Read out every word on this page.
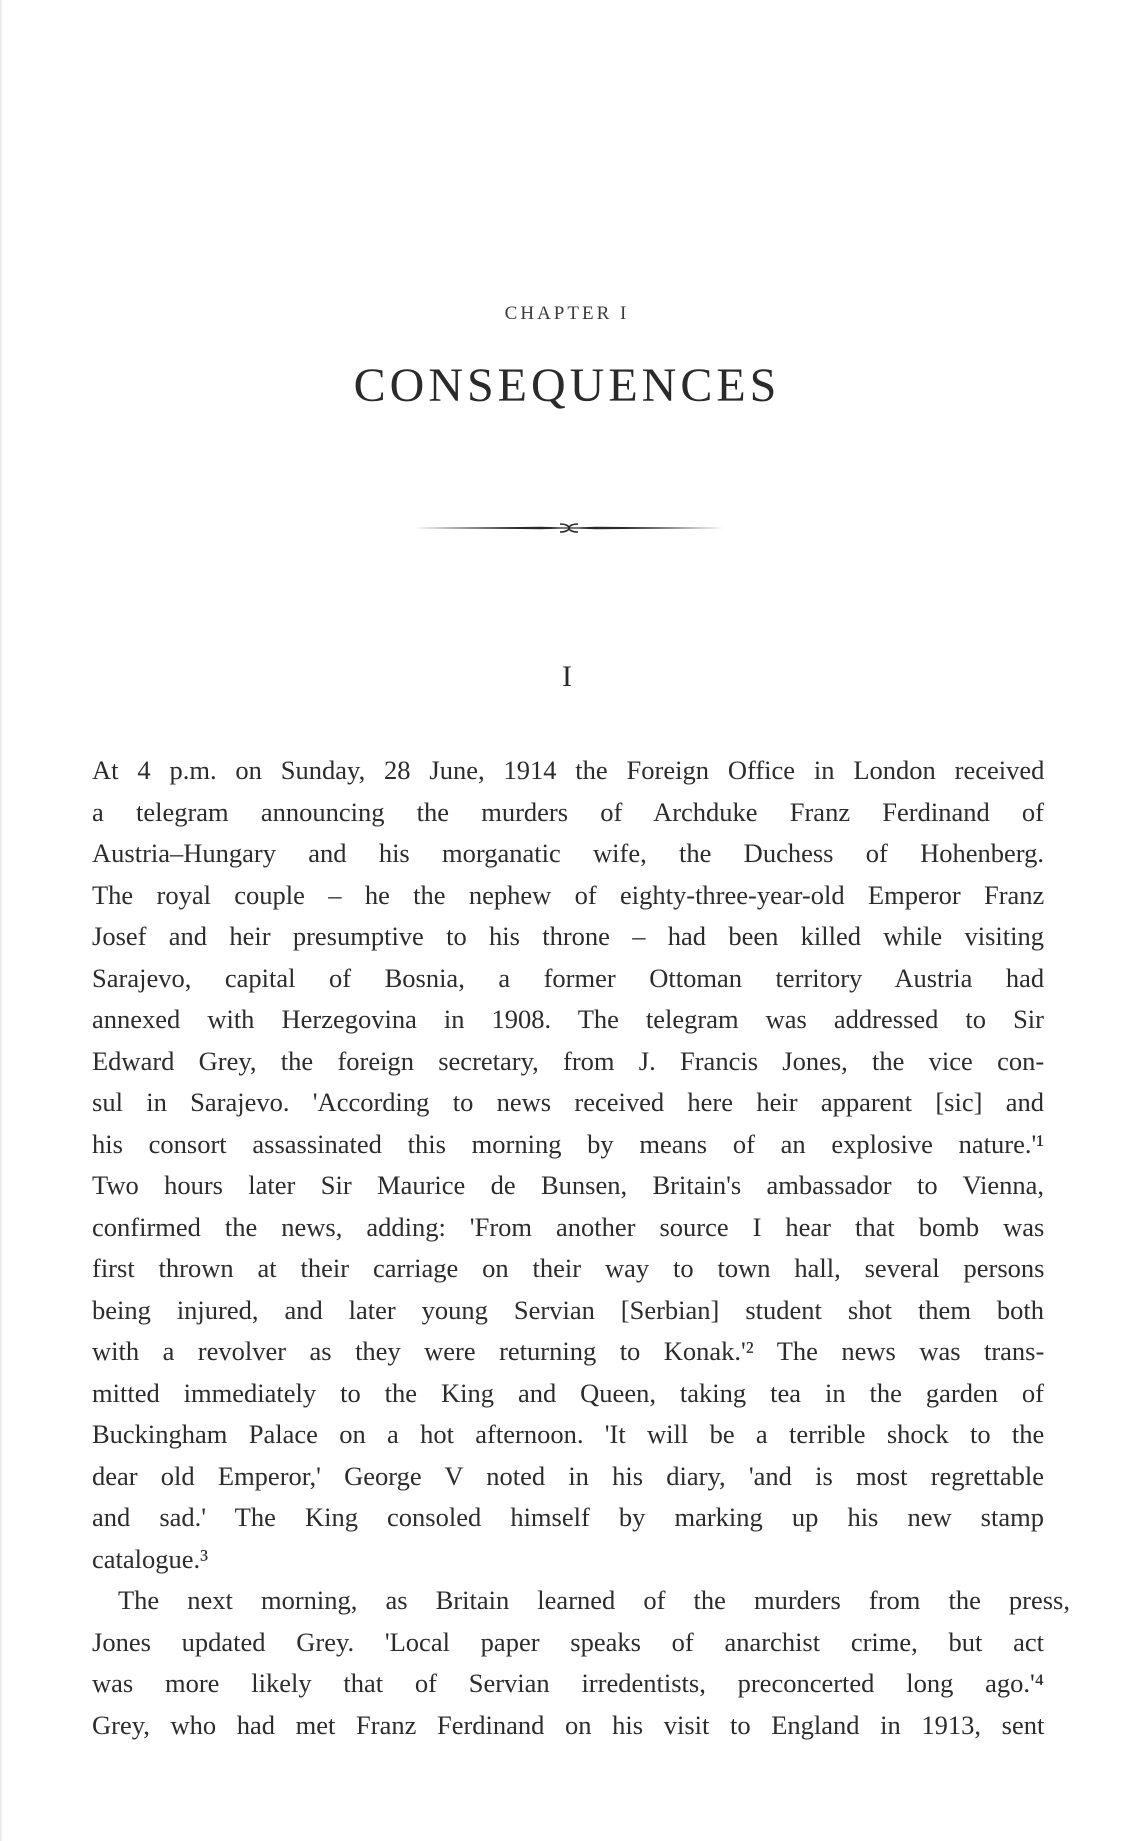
CHAPTER I
CONSEQUENCES
I
At 4 p.m. on Sunday, 28 June, 1914 the Foreign Office in London received
a telegram announcing the murders of Archduke Franz Ferdinand of
Austria–Hungary and his morganatic wife, the Duchess of Hohenberg.
The royal couple – he the nephew of eighty-three-year-old Emperor Franz
Josef and heir presumptive to his throne – had been killed while visiting
Sarajevo, capital of Bosnia, a former Ottoman territory Austria had
annexed with Herzegovina in 1908. The telegram was addressed to Sir
Edward Grey, the foreign secretary, from J. Francis Jones, the vice con-
sul in Sarajevo. 'According to news received here heir apparent [sic] and
his consort assassinated this morning by means of an explosive nature.'¹
Two hours later Sir Maurice de Bunsen, Britain's ambassador to Vienna,
confirmed the news, adding: 'From another source I hear that bomb was
first thrown at their carriage on their way to town hall, several persons
being injured, and later young Servian [Serbian] student shot them both
with a revolver as they were returning to Konak.'² The news was trans-
mitted immediately to the King and Queen, taking tea in the garden of
Buckingham Palace on a hot afternoon. 'It will be a terrible shock to the
dear old Emperor,' George V noted in his diary, 'and is most regrettable
and sad.' The King consoled himself by marking up his new stamp
catalogue.³
The next morning, as Britain learned of the murders from the press,
Jones updated Grey. 'Local paper speaks of anarchist crime, but act
was more likely that of Servian irredentists, preconcerted long ago.'⁴
Grey, who had met Franz Ferdinand on his visit to England in 1913, sent
